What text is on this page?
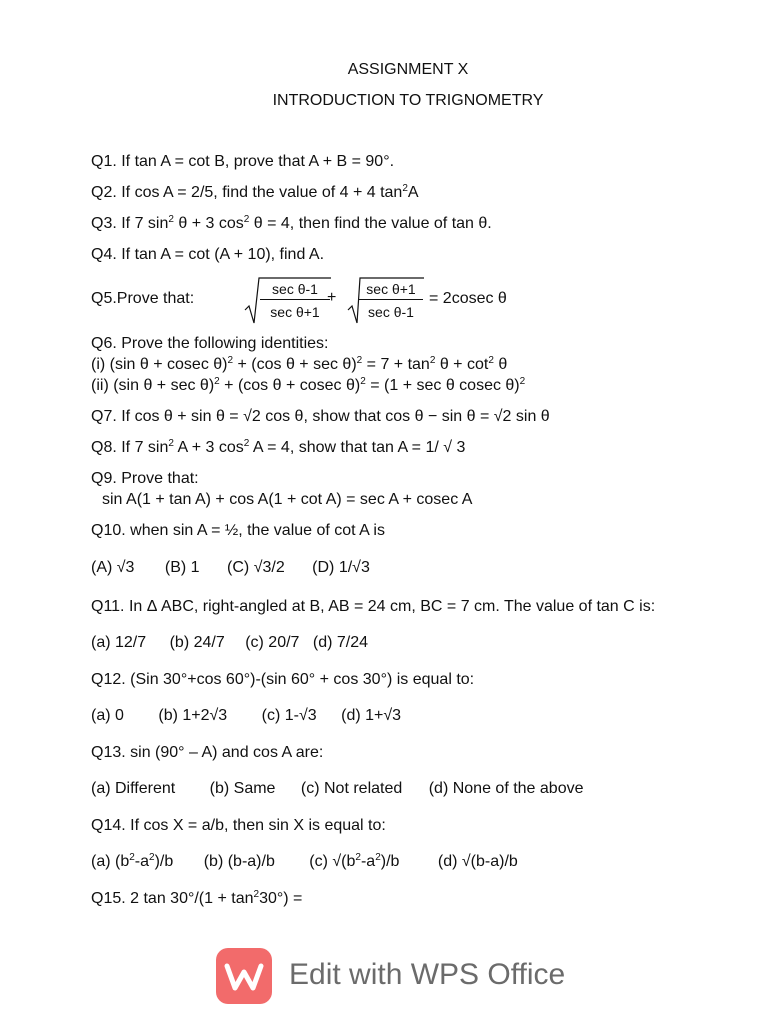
ASSIGNMENT X
INTRODUCTION TO TRIGNOMETRY
Q1. If tan A = cot B, prove that A + B = 90°.
Q2. If cos A = 2/5, find the value of 4 + 4 $\tan^2A$
Q3. If 7 $\sin^2 \theta + 3$ $\cos^2 \theta = 4$, then find the value of tan θ.
Q4. If tan A = cot (A + 10), find A.
Q5.Prove that:
sec θ-1
sec θ+1
+	sec θ+1
sec θ-1
= 2cosec θ
Q6. Prove the following identities:
(i) (sin θ + cosec θ)$^2$ + (cos $\theta + \sec \theta)^2 = 7 + \tan^2 \theta + \cot^2 \theta$
(ii) (sin θ + sec θ)$^2$ + (cos θ + cosec θ)$^2$ = (1 + sec θ cosec θ)$^2$
Q7. If cos θ + sin θ = √2 cos θ, show that cos θ − sin θ = √2 sin θ
Q8. If 7 $\sin^2 A + 3$ $\cos^2 A = 4$, show that tan A = 1/ √ 3
Q9. Prove that:
sin A(1 + tan A) + cos A(1 + cot A) = sec A + cosec A
Q10. when sin A = ½, the value of cot A is
(A) √3 (B) 1 (C) √3/2 (D) 1/√3
Q11. In Δ ABC, right-angled at B, AB = 24 cm, BC = 7 cm. The value of tan C is:
(a) 12/7 (b) 24/7 (c) 20/7 (d) 7/24
Q12. (Sin 30°+cos 60°)-(sin 60° + cos 30°) is equal to:
(a) 0 (b) 1+2√3 (c) 1-√3 (d) 1+√3
Q13. sin (90° – A) and cos A are:
(a) Different (b) Same (c) Not related (d) None of the above
Q14. If cos X = a/b, then sin X is equal to:
(a) $(b^2-a^2)/b$ (b) (b-a)/b (c) $√(b^2-a^2)/b$ (d) √(b-a)/b
Q15. 2 $\tan 30^\circ/(1 + \tan^230^\circ)$ =
Edit with WPS Office
